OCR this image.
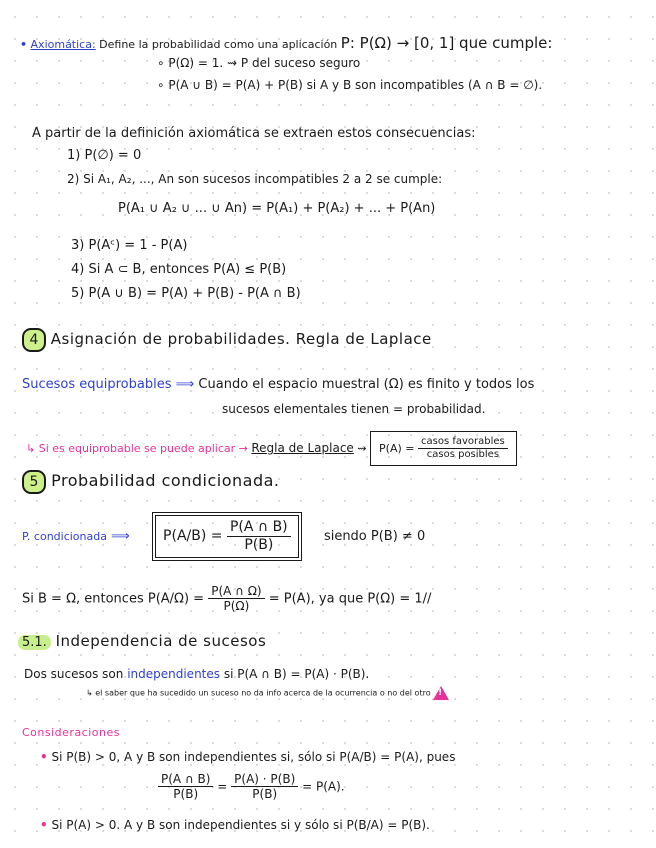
• Axiomática: Define la probabilidad como una aplicación P: P(Ω) → [0, 1] que cumple:
∘ P(Ω) = 1. ⇝ P del suceso seguro
∘ P(A ∪ B) = P(A) + P(B) si A y B son incompatibles (A ∩ B = ∅).
A partir de la definición axiomática se extraen estos consecuencias:
1) P(∅) = 0
2) Si A₁, A₂, ..., An son sucesos incompatibles 2 a 2 se cumple:
P(A₁ ∪ A₂ ∪ ... ∪ An) = P(A₁) + P(A₂) + ... + P(An)
3) P(Aᶜ) = 1 - P(A)
4) Si A ⊂ B, entonces P(A) ≤ P(B)
5) P(A ∪ B) = P(A) + P(B) - P(A ∩ B)
4 Asignación de probabilidades. Regla de Laplace
Sucesos equiprobables ⟹ Cuando el espacio muestral (Ω) es finito y todos los
sucesos elementales tienen = probabilidad.
↳ Si es equiprobable se puede aplicar → Regla de Laplace ⇝ P(A) =
$\frac{\text{casos favorables}}{\text{casos posibles}}$
5 Probabilidad condicionada.
P. condicionada ⟹ P(A/B) =
$\frac{P(A \cap B)}{P(B)}$	siendo P(B) ≠ 0
Si B = Ω, entonces $P(A/\Omega) = \frac{P(A \cap \Omega)}{P(\Omega)} = P(A)$, ya que P(Ω) = 1//
5.1. Independencia de sucesos
Dos sucesos son independientes si P(A ∩ B) = P(A) · P(B).
↳ el saber que ha sucedido un suceso no da info acerca de la ocurrencia o no del otro !
Consideraciones
• Si P(B) > 0, A y B son independientes si, sólo si P(A/B) = P(A), pues
$\frac{P(A \cap B)}{P(B)} = \frac{P(A) \cdot P(B)}{P(B)} = P(A)$.
• Si P(A) > 0. A y B son independientes si y sólo si P(B/A) = P(B).
